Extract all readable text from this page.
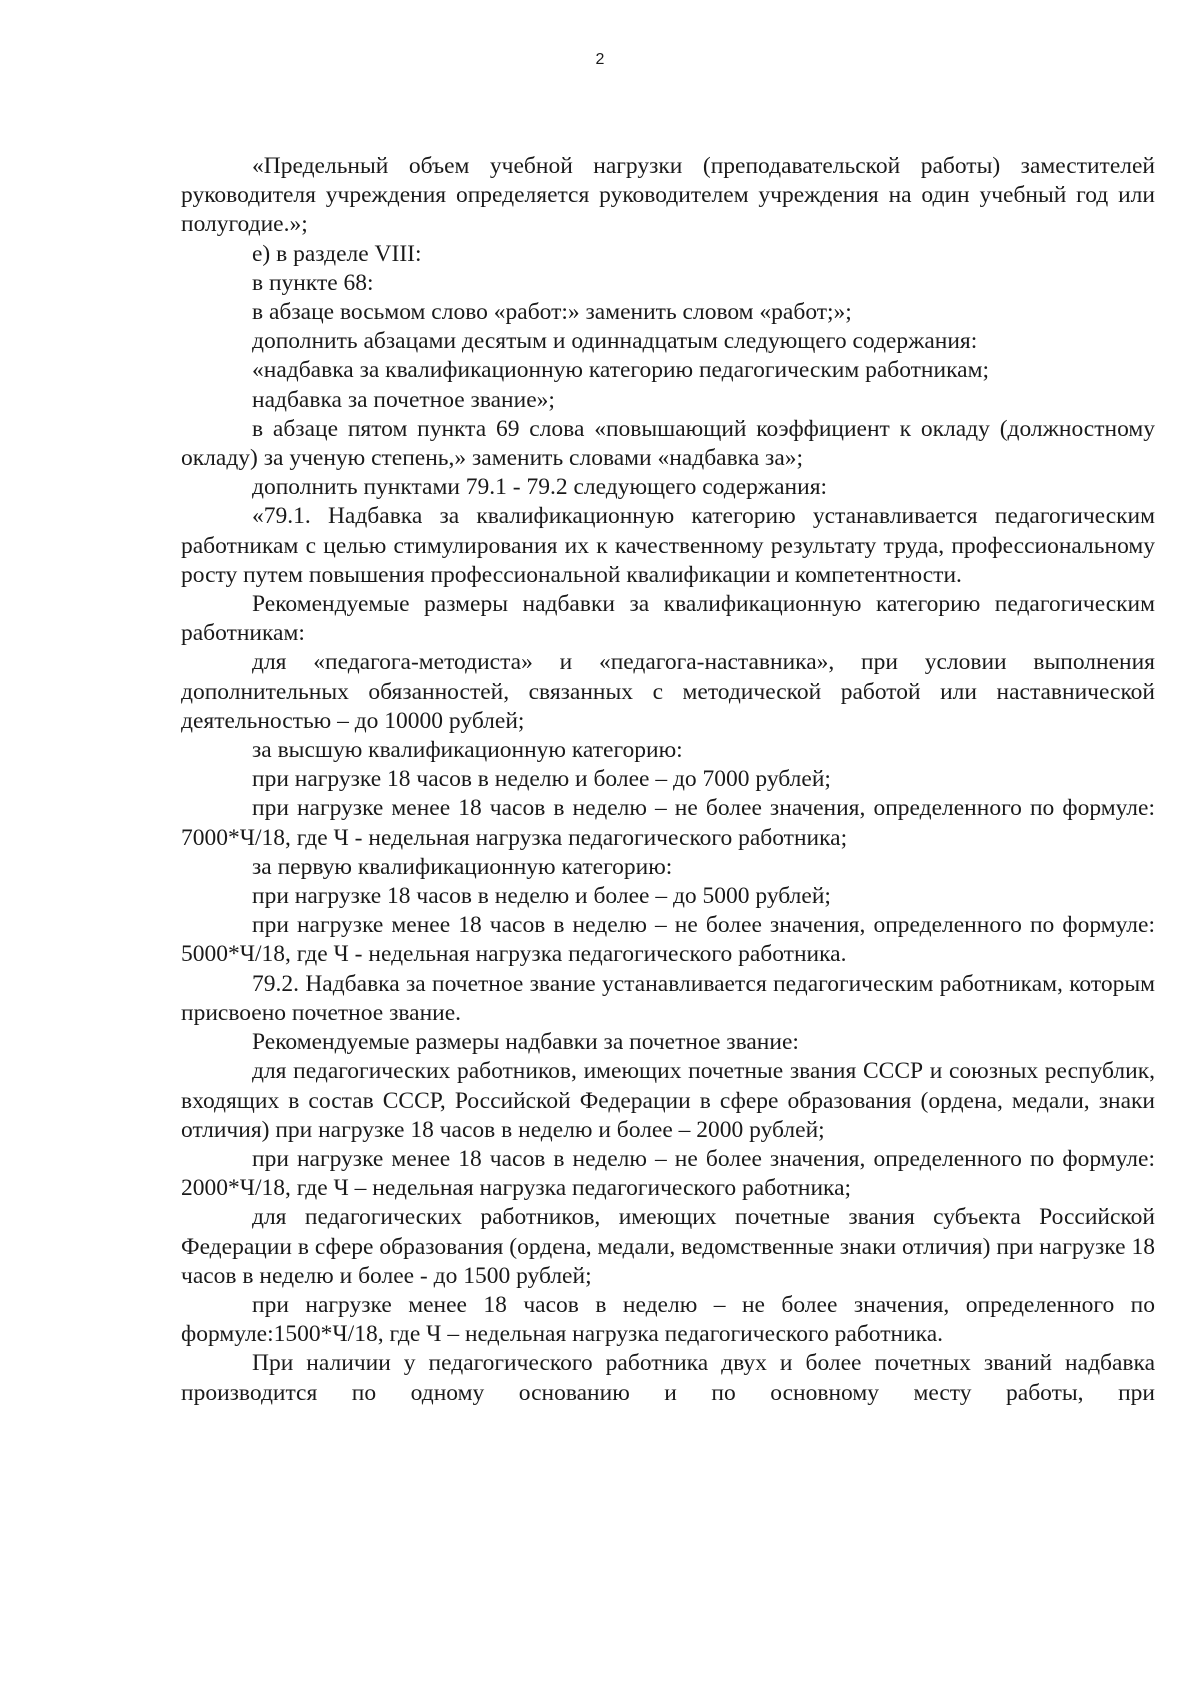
2

«Предельный объем учебной нагрузки (преподавательской работы) заместителей руководителя учреждения определяется руководителем учреждения на один учебный год или полугодие.»;

е) в разделе VIII:

в пункте 68:

в абзаце восьмом слово «работ:» заменить словом «работ;»;

дополнить абзацами десятым и одиннадцатым следующего содержания:

«надбавка за квалификационную категорию педагогическим работникам;

надбавка за почетное звание»;

в абзаце пятом пункта 69 слова «повышающий коэффициент к окладу (должностному окладу) за ученую степень,» заменить словами «надбавка за»;

дополнить пунктами 79.1 - 79.2 следующего содержания:

«79.1. Надбавка за квалификационную категорию устанавливается педагогическим работникам с целью стимулирования их к качественному результату труда, профессиональному росту путем повышения профессиональной квалификации и компетентности.

Рекомендуемые размеры надбавки за квалификационную категорию педагогическим работникам:

для «педагога-методиста» и «педагога-наставника», при условии выполнения дополнительных обязанностей, связанных с методической работой или наставнической деятельностью – до 10000 рублей;

за высшую квалификационную категорию:

при нагрузке 18 часов в неделю и более – до 7000 рублей;

при нагрузке менее 18 часов в неделю – не более значения, определенного по формуле: 7000*Ч/18, где Ч - недельная нагрузка педагогического работника;

за первую квалификационную категорию:

при нагрузке 18 часов в неделю и более – до 5000 рублей;

при нагрузке менее 18 часов в неделю – не более значения, определенного по формуле: 5000*Ч/18, где Ч - недельная нагрузка педагогического работника.

79.2. Надбавка за почетное звание устанавливается педагогическим работникам, которым присвоено почетное звание.

Рекомендуемые размеры надбавки за почетное звание:

для педагогических работников, имеющих почетные звания СССР и союзных республик, входящих в состав СССР, Российской Федерации в сфере образования (ордена, медали, знаки отличия) при нагрузке 18 часов в неделю и более – 2000 рублей;

при нагрузке менее 18 часов в неделю – не более значения, определенного по формуле: 2000*Ч/18, где Ч – недельная нагрузка педагогического работника;

для педагогических работников, имеющих почетные звания субъекта Российской Федерации в сфере образования (ордена, медали, ведомственные знаки отличия) при нагрузке 18 часов в неделю и более - до 1500 рублей;

при нагрузке менее 18 часов в неделю – не более значения, определенного по формуле:1500*Ч/18, где Ч – недельная нагрузка педагогического работника.

При наличии у педагогического работника двух и более почетных званий надбавка производится по одному основанию и по основному месту работы, при
